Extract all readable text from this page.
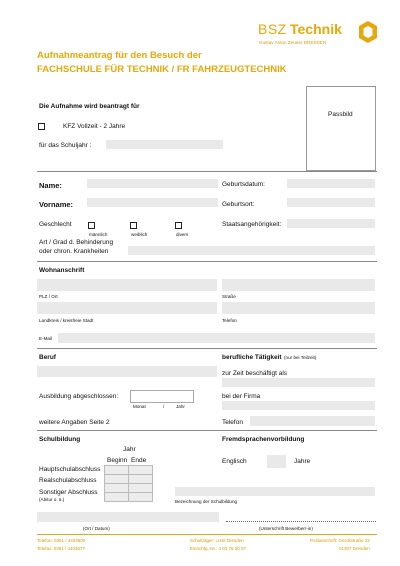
BSZ Technik
Gustav Anton Zeuner DRESDEN
Aufnahmeantrag für den Besuch der
FACHSCHULE FÜR TECHNIK / FR FAHRZEUGTECHNIK
Passbild
Die Aufnahme wird beantragt für
KFZ Vollzeit - 2 Jahre
für das Schuljahr :
Name:	Geburtsdatum:
Vorname:	Geburtsort:
Geschlecht
männlich	weiblich	divers
Staatsangehörigkeit:
Art / Grad d. Behinderung
oder chron. Krankheiten
Wohnanschrift
PLZ / Ort	Straße
Landkreis / kreisfreie Stadt	Telefon
E-Mail
Beruf	berufliche Tätigkeit (nur bei Teilzeit)
zur Zeit beschäftigt als
Ausbildung abgeschlossen:
Monat	/	Jahr
bei der Firma
weitere Angaben Seite 2	Telefon
Schulbildung
Jahr
Beginn Ende
Hauptschulabschluss
Realschulabschluss
Sonstiger Abschluss
(Abitur o. ä.)

		Bezeichnung der Schulbildung
Fremdsprachenvorbildung
Englisch	Jahre
(Ort / Datum)	(Unterschrift Bewerber/-in)
Telefon: 0351 / 4403600
Telefax: 0351 / 4403677
Schulträger: LHSt Dresden
Einrichtg.-Nr.: 4 03 76 00 07
Postanschrift: Gerokstraße 22
01307 Dresden
